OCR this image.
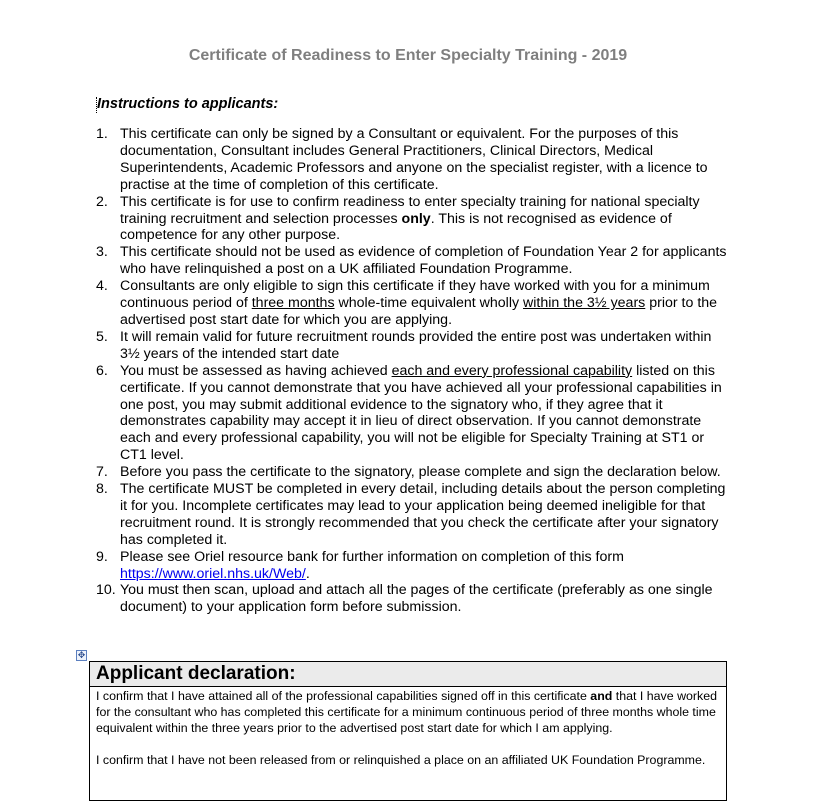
Certificate of Readiness to Enter Specialty Training - 2019
Instructions to applicants:
1. This certificate can only be signed by a Consultant or equivalent. For the purposes of this documentation, Consultant includes General Practitioners, Clinical Directors, Medical Superintendents, Academic Professors and anyone on the specialist register, with a licence to practise at the time of completion of this certificate.
2. This certificate is for use to confirm readiness to enter specialty training for national specialty training recruitment and selection processes only. This is not recognised as evidence of competence for any other purpose.
3. This certificate should not be used as evidence of completion of Foundation Year 2 for applicants who have relinquished a post on a UK affiliated Foundation Programme.
4. Consultants are only eligible to sign this certificate if they have worked with you for a minimum continuous period of three months whole-time equivalent wholly within the 3½ years prior to the advertised post start date for which you are applying.
5. It will remain valid for future recruitment rounds provided the entire post was undertaken within 3½ years of the intended start date
6. You must be assessed as having achieved each and every professional capability listed on this certificate. If you cannot demonstrate that you have achieved all your professional capabilities in one post, you may submit additional evidence to the signatory who, if they agree that it demonstrates capability may accept it in lieu of direct observation. If you cannot demonstrate each and every professional capability, you will not be eligible for Specialty Training at ST1 or CT1 level.
7. Before you pass the certificate to the signatory, please complete and sign the declaration below.
8. The certificate MUST be completed in every detail, including details about the person completing it for you. Incomplete certificates may lead to your application being deemed ineligible for that recruitment round. It is strongly recommended that you check the certificate after your signatory has completed it.
9. Please see Oriel resource bank for further information on completion of this form https://www.oriel.nhs.uk/Web/.
10. You must then scan, upload and attach all the pages of the certificate (preferably as one single document) to your application form before submission.
✥
Applicant declaration:

I confirm that I have attained all of the professional capabilities signed off in this certificate and that I have worked for the consultant who has completed this certificate for a minimum continuous period of three months whole time equivalent within the three years prior to the advertised post start date for which I am applying.

I confirm that I have not been released from or relinquished a place on an affiliated UK Foundation Programme.
